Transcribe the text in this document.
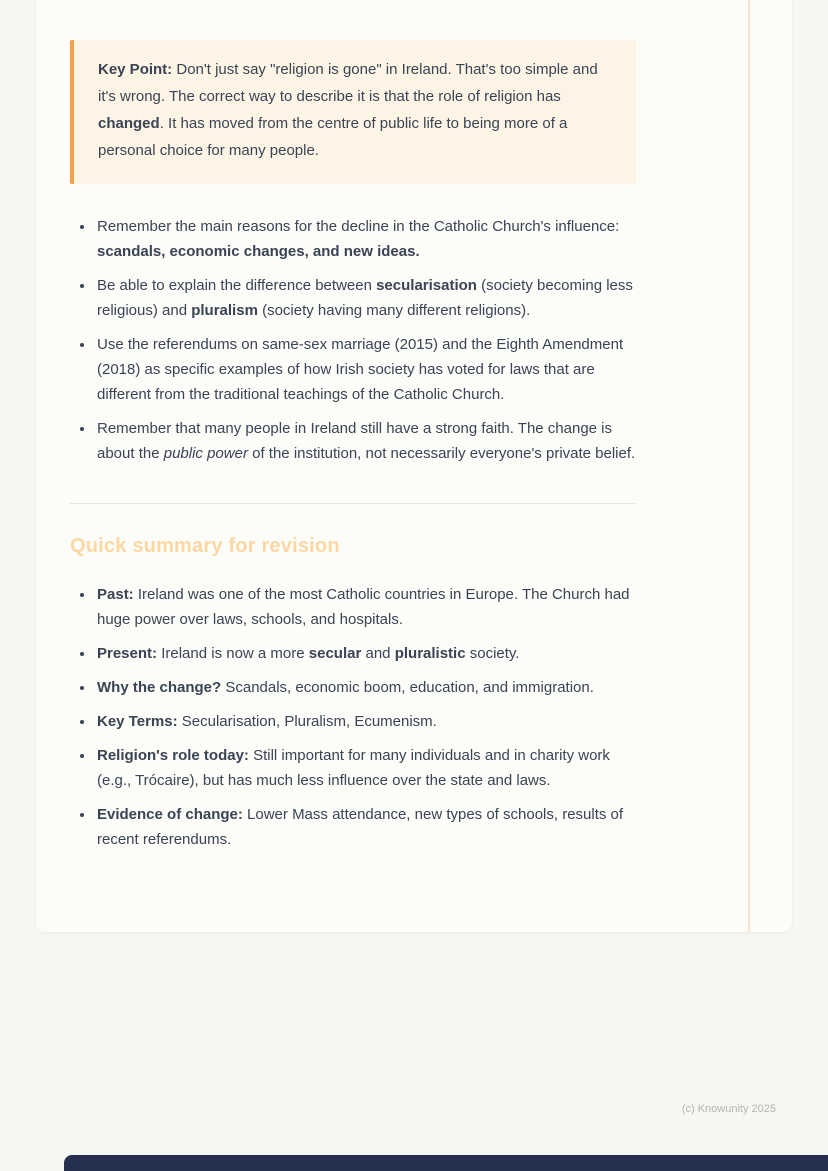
Key Point: Don't just say "religion is gone" in Ireland. That's too simple and it's wrong. The correct way to describe it is that the role of religion has changed. It has moved from the centre of public life to being more of a personal choice for many people.

• Remember the main reasons for the decline in the Catholic Church's influence: scandals, economic changes, and new ideas.
• Be able to explain the difference between secularisation (society becoming less religious) and pluralism (society having many different religions).
• Use the referendums on same-sex marriage (2015) and the Eighth Amendment (2018) as specific examples of how Irish society has voted for laws that are different from the traditional teachings of the Catholic Church.
• Remember that many people in Ireland still have a strong faith. The change is about the public power of the institution, not necessarily everyone's private belief.
Quick summary for revision
• Past: Ireland was one of the most Catholic countries in Europe. The Church had huge power over laws, schools, and hospitals.
• Present: Ireland is now a more secular and pluralistic society.
• Why the change? Scandals, economic boom, education, and immigration.
• Key Terms: Secularisation, Pluralism, Ecumenism.
• Religion's role today: Still important for many individuals and in charity work (e.g., Trócaire), but has much less influence over the state and laws.
• Evidence of change: Lower Mass attendance, new types of schools, results of recent referendums.
(c) Knowunity 2025
